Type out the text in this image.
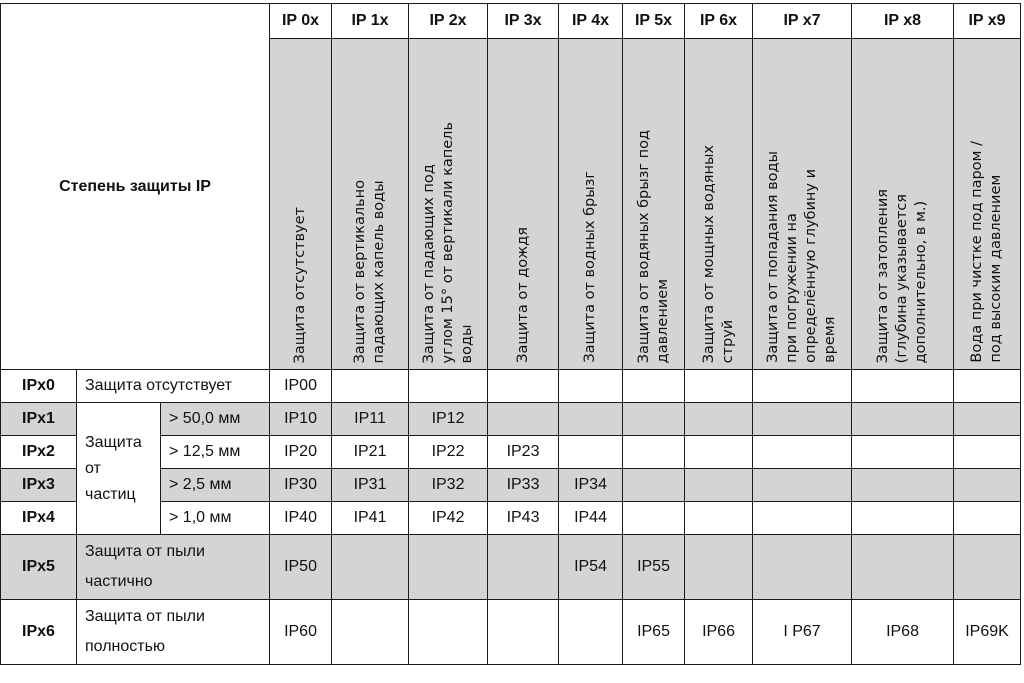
Степень защиты IP			IP 0x	IP 1x	IP 2x	IP 3x	IP 4x	IP 5x	IP 6x	IP x7	IP x8	IP x9

			Защита отсутствует	Защита от вертикально
падающих капель воды	Защита от падающих под
углом 15° от вертикали капель
воды	Защита от дождя	Защита от водных брызг	Защита от водяных брызг под
давлением	Защита от мощных водяных
струй	Защита от попадания воды
при погружении на
определённую глубину и
время	Защита от затопления
(глубина указывается
дополнительно, в м.)	Вода при чистке под паром /
под высоким давлением

IPx0	Защита отсутствует		IP00									
IPx1	Защита
от
частиц	> 50,0 мм	IP10	IP11	IP12							
IPx2		> 12,5 мм	IP20	IP21	IP22	IP23						
IPx3		> 2,5 мм	IP30	IP31	IP32	IP33	IP34					
IPx4		> 1,0 мм	IP40	IP41	IP42	IP43	IP44					
IPx5	Защита от пыли
частично		IP50				IP54	IP55				
IPx6	Защита от пыли
полностью		IP60					IP65	IP66	I P67	IP68	IP69K
